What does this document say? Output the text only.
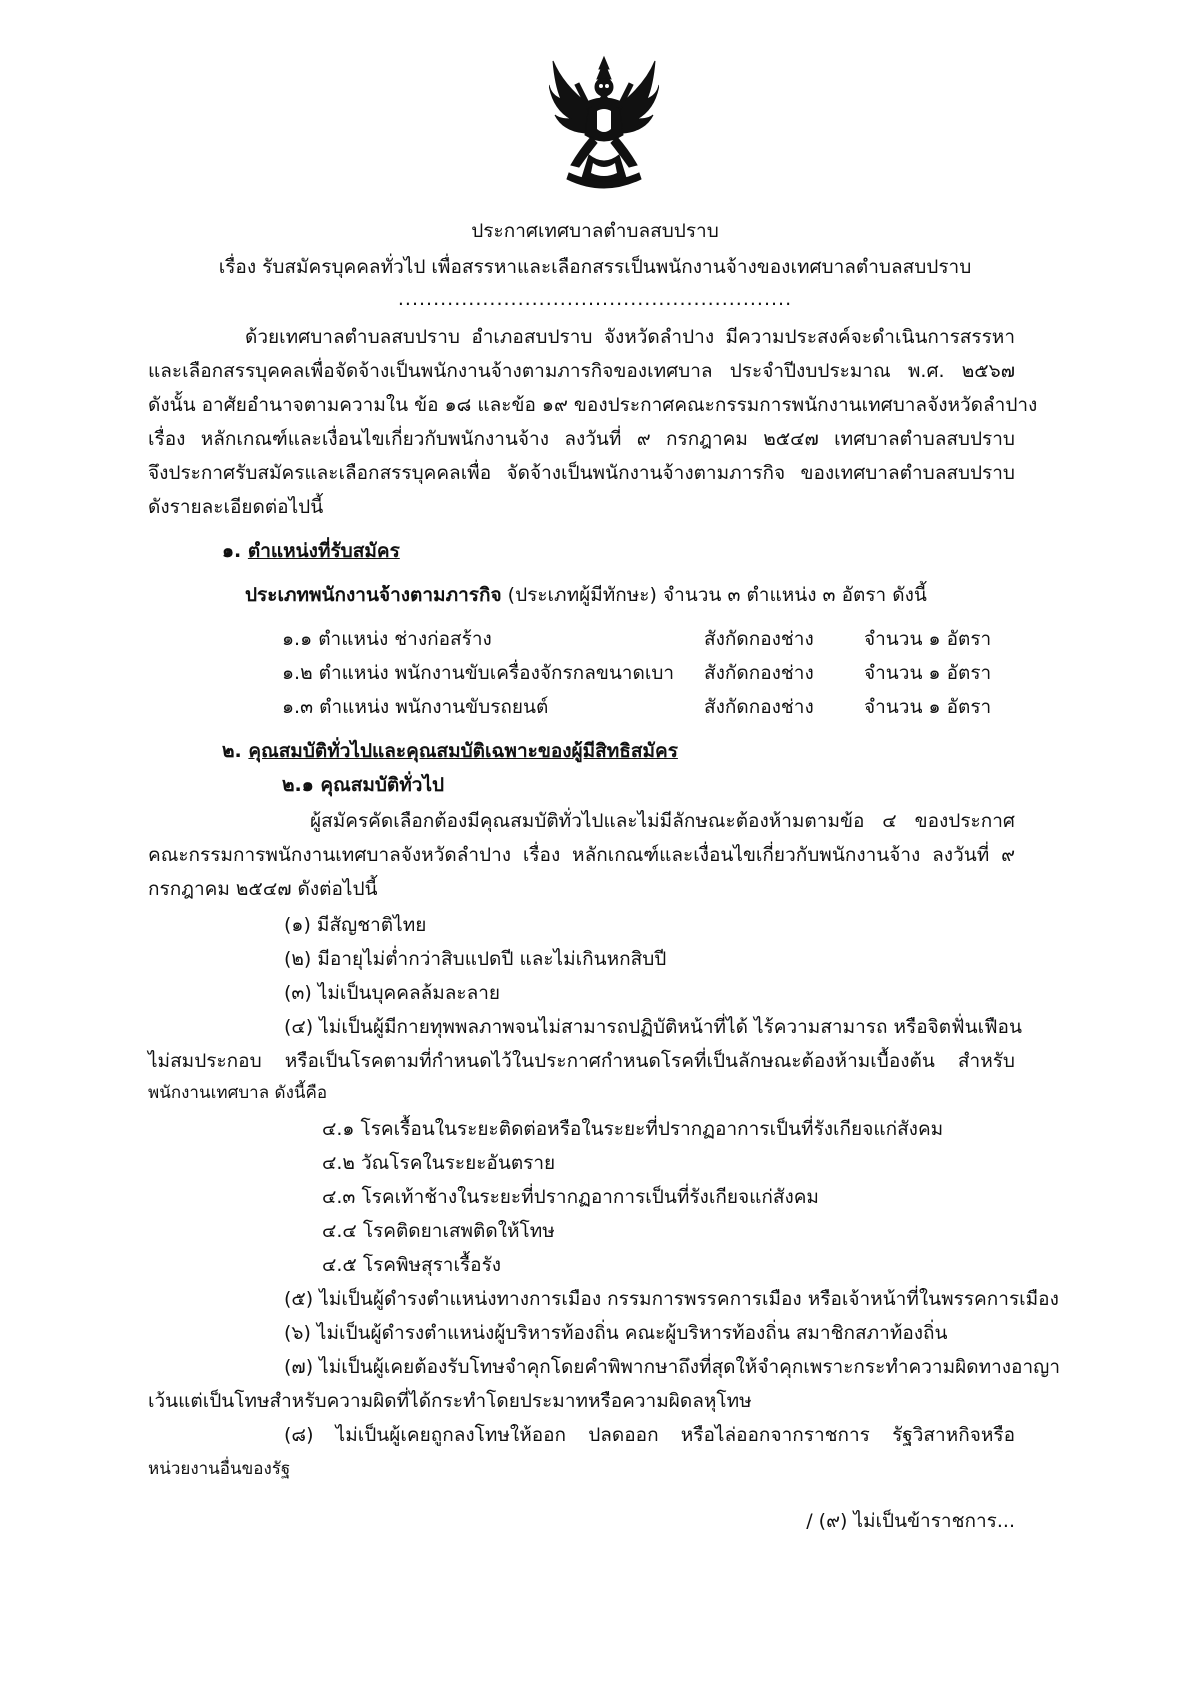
ประกาศเทศบาลตำบลสบปราบ
เรื่อง รับสมัครบุคคลทั่วไป เพื่อสรรหาและเลือกสรรเป็นพนักงานจ้างของเทศบาลตำบลสบปราบ
........................................................
ด้วยเทศบาลตำบลสบปราบ อำเภอสบปราบ จังหวัดลำปาง มีความประสงค์จะดำเนินการสรรหา
และเลือกสรรบุคคลเพื่อจัดจ้างเป็นพนักงานจ้างตามภารกิจของเทศบาล ประจำปีงบประมาณ พ.ศ. ๒๕๖๗
ดังนั้น อาศัยอำนาจตามความใน ข้อ ๑๘ และข้อ ๑๙ ของประกาศคณะกรรมการพนักงานเทศบาลจังหวัดลำปาง
เรื่อง หลักเกณฑ์และเงื่อนไขเกี่ยวกับพนักงานจ้าง ลงวันที่ ๙ กรกฎาคม ๒๕๔๗ เทศบาลตำบลสบปราบ
จึงประกาศรับสมัครและเลือกสรรบุคคลเพื่อ จัดจ้างเป็นพนักงานจ้างตามภารกิจ ของเทศบาลตำบลสบปราบ
ดังรายละเอียดต่อไปนี้
๑. ตำแหน่งที่รับสมัคร
ประเภทพนักงานจ้างตามภารกิจ (ประเภทผู้มีทักษะ) จำนวน ๓ ตำแหน่ง ๓ อัตรา ดังนี้
๑.๑ ตำแหน่ง ช่างก่อสร้าง	สังกัดกองช่าง	จำนวน ๑ อัตรา
๑.๒ ตำแหน่ง พนักงานขับเครื่องจักรกลขนาดเบา สังกัดกองช่าง	จำนวน ๑ อัตรา
๑.๓ ตำแหน่ง พนักงานขับรถยนต์	สังกัดกองช่าง	จำนวน ๑ อัตรา
๒. คุณสมบัติทั่วไปและคุณสมบัติเฉพาะของผู้มีสิทธิสมัคร
๒.๑ คุณสมบัติทั่วไป
ผู้สมัครคัดเลือกต้องมีคุณสมบัติทั่วไปและไม่มีลักษณะต้องห้ามตามข้อ ๔ ของประกาศ
คณะกรรมการพนักงานเทศบาลจังหวัดลำปาง เรื่อง หลักเกณฑ์และเงื่อนไขเกี่ยวกับพนักงานจ้าง ลงวันที่ ๙
กรกฎาคม ๒๕๔๗ ดังต่อไปนี้
(๑) มีสัญชาติไทย
(๒) มีอายุไม่ต่ำกว่าสิบแปดปี และไม่เกินหกสิบปี
(๓) ไม่เป็นบุคคลล้มละลาย
(๔) ไม่เป็นผู้มีกายทุพพลภาพจนไม่สามารถปฏิบัติหน้าที่ได้ ไร้ความสามารถ หรือจิตฟั่นเฟือน
ไม่สมประกอบ หรือเป็นโรคตามที่กำหนดไว้ในประกาศกำหนดโรคที่เป็นลักษณะต้องห้ามเบื้องต้น สำหรับ
พนักงานเทศบาล ดังนี้คือ
๔.๑ โรคเรื้อนในระยะติดต่อหรือในระยะที่ปรากฏอาการเป็นที่รังเกียจแก่สังคม
๔.๒ วัณโรคในระยะอันตราย
๔.๓ โรคเท้าช้างในระยะที่ปรากฏอาการเป็นที่รังเกียจแก่สังคม
๔.๔ โรคติดยาเสพติดให้โทษ
๔.๕ โรคพิษสุราเรื้อรัง
(๕) ไม่เป็นผู้ดำรงตำแหน่งทางการเมือง กรรมการพรรคการเมือง หรือเจ้าหน้าที่ในพรรคการเมือง
(๖) ไม่เป็นผู้ดำรงตำแหน่งผู้บริหารท้องถิ่น คณะผู้บริหารท้องถิ่น สมาชิกสภาท้องถิ่น
(๗) ไม่เป็นผู้เคยต้องรับโทษจำคุกโดยคำพิพากษาถึงที่สุดให้จำคุกเพราะกระทำความผิดทางอาญา
เว้นแต่เป็นโทษสำหรับความผิดที่ได้กระทำโดยประมาทหรือความผิดลหุโทษ
(๘) ไม่เป็นผู้เคยถูกลงโทษให้ออก ปลดออก หรือไล่ออกจากราชการ รัฐวิสาหกิจหรือ
หน่วยงานอื่นของรัฐ
/ (๙) ไม่เป็นข้าราชการ...
